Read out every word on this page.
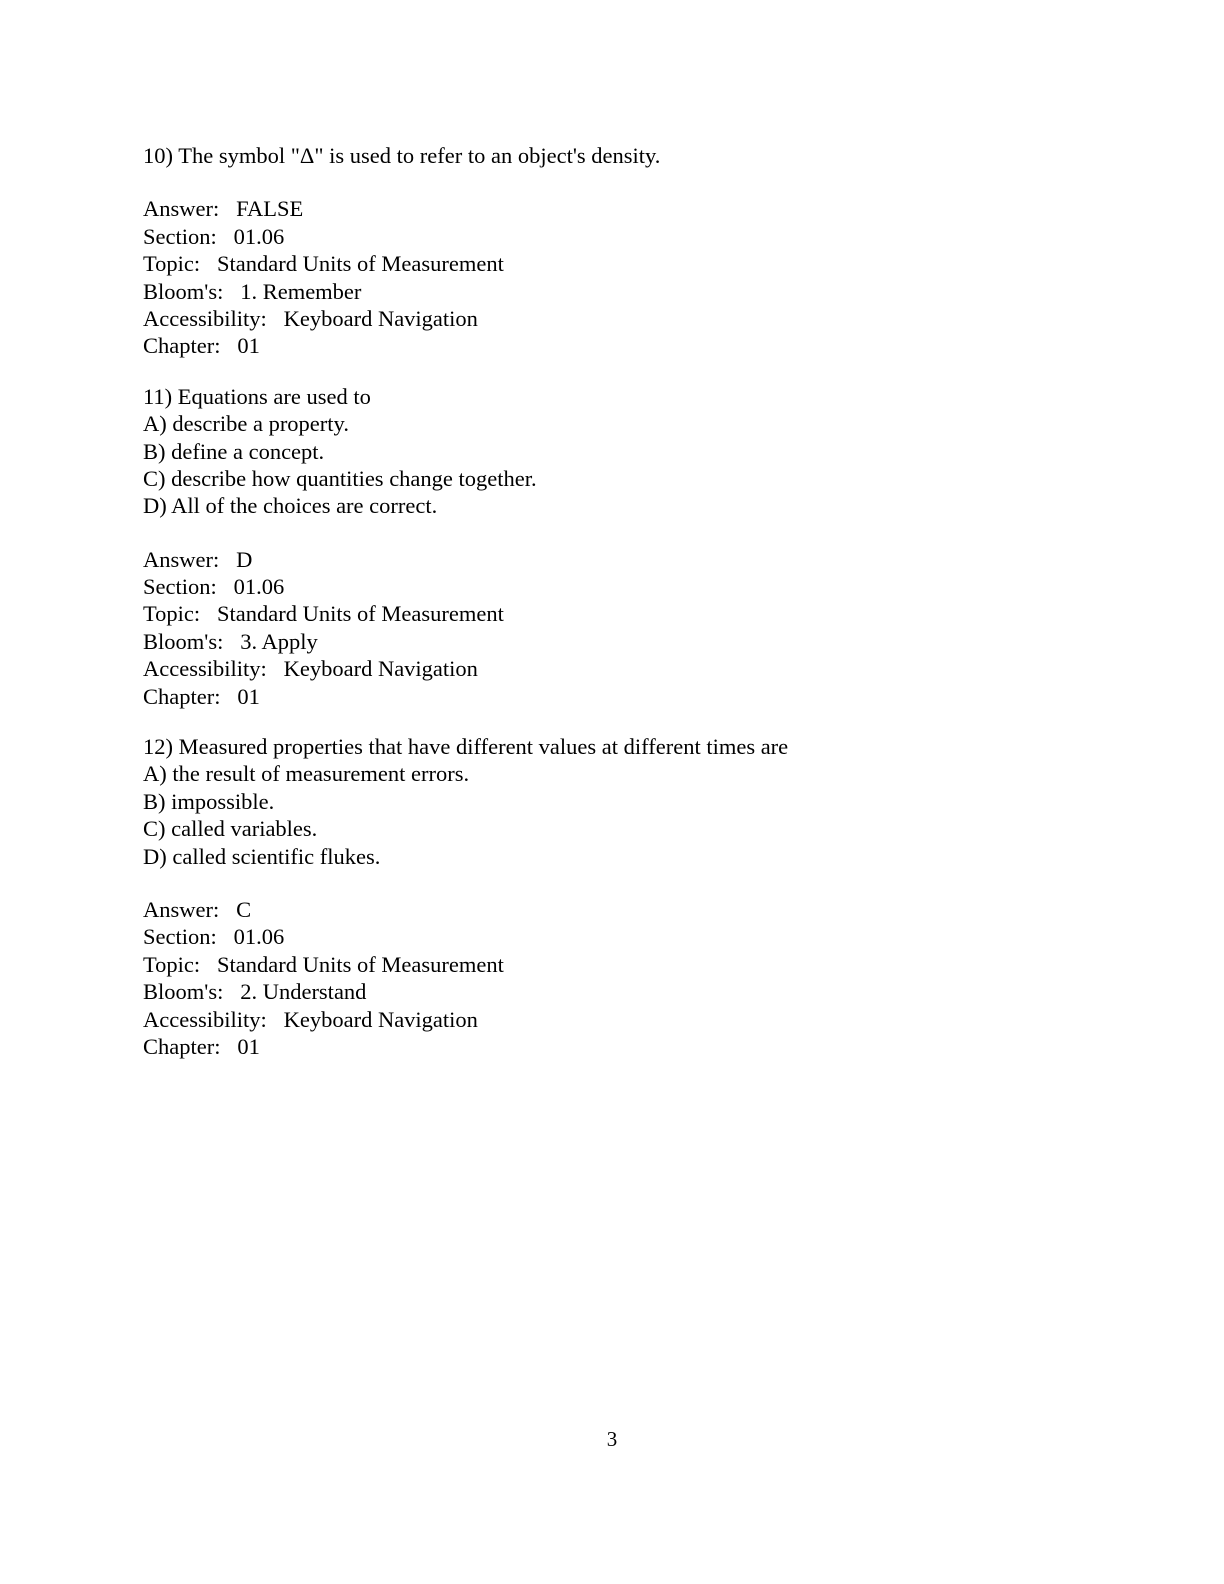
10) The symbol "Δ" is used to refer to an object's density.
Answer: FALSE
Section: 01.06
Topic: Standard Units of Measurement
Bloom's: 1. Remember
Accessibility: Keyboard Navigation
Chapter: 01
11) Equations are used to
A) describe a property.
B) define a concept.
C) describe how quantities change together.
D) All of the choices are correct.
Answer: D
Section: 01.06
Topic: Standard Units of Measurement
Bloom's: 3. Apply
Accessibility: Keyboard Navigation
Chapter: 01
12) Measured properties that have different values at different times are
A) the result of measurement errors.
B) impossible.
C) called variables.
D) called scientific flukes.
Answer: C
Section: 01.06
Topic: Standard Units of Measurement
Bloom's: 2. Understand
Accessibility: Keyboard Navigation
Chapter: 01
3
